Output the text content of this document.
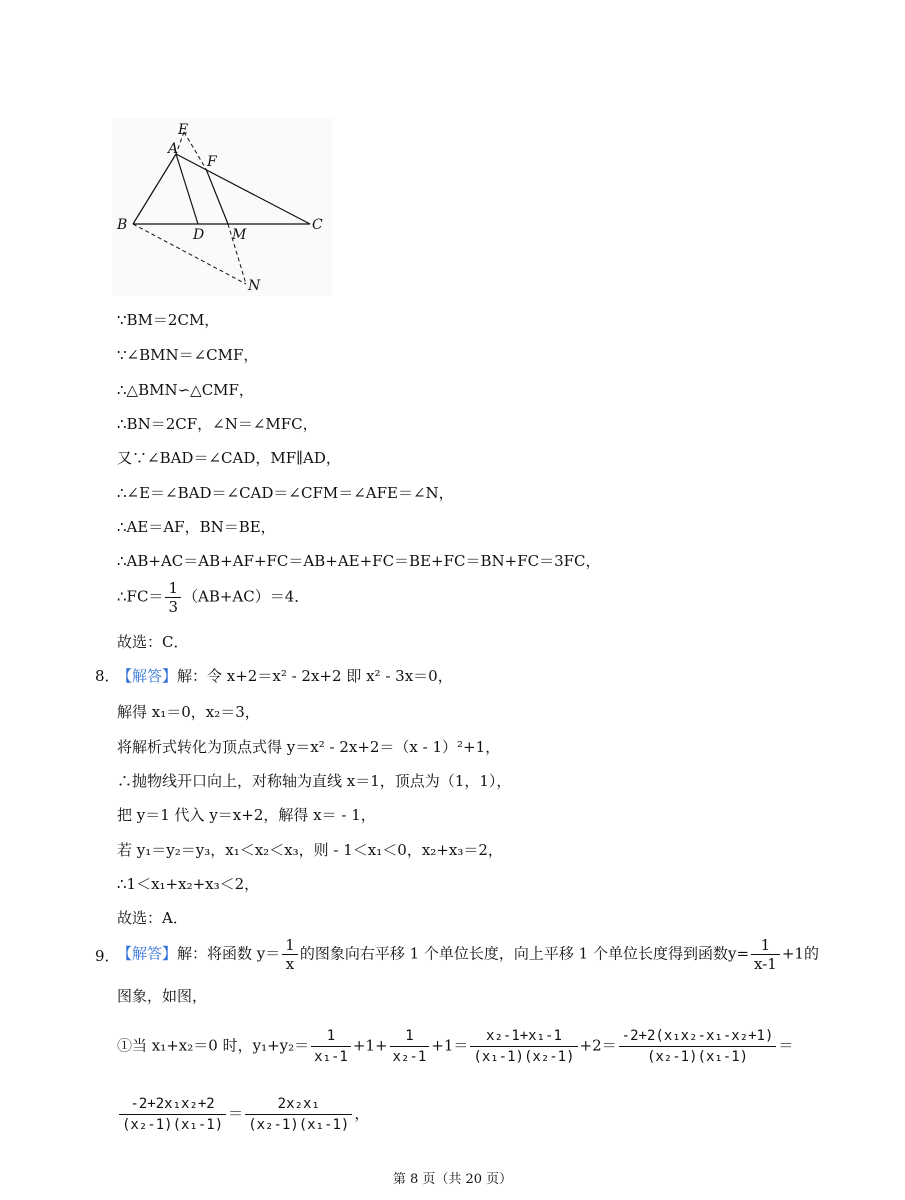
E
A
F
B
D M
C
N
∵BM＝2CM，
∵∠BMN＝∠CMF，
∴△BMN∽△CMF，
∴BN＝2CF，∠N＝∠MFC，
又∵∠BAD＝∠CAD，MF∥AD，
∴∠E＝∠BAD＝∠CAD＝∠CFM＝∠AFE＝∠N，
∴AE＝AF，BN＝BE，
∴AB+AC＝AB+AF+FC＝AB+AE+FC＝BE+FC＝BN+FC＝3FC，
∴FC＝ $\frac{1}{3} (AB+AC)=4$．
故选：C．
8．
【解答】解：令 x+2＝x² - 2x+2 即 x² - 3x＝0，
解得 x₁＝0，x₂＝3，
将解析式转化为顶点式得 y＝x² - 2x+2＝（x - 1）²+1，
∴抛物线开口向上，对称轴为直线 x＝1，顶点为（1，1），
把 y＝1 代入 y＝x+2，解得 x＝ - 1，
若 y₁＝y₂＝y₃，x₁＜x₂＜x₃，则 - 1＜x₁＜0，x₂+x₃＝2，
∴1＜x₁+x₂+x₃＜2，
故选：A．
9．
【解答】解：将函数 $y= \frac{1}{x}$ 的图象向右平移 1 个单位长度，向上平移 1 个单位长度得到函数$y= \frac{1}{x-1} +1$的
图象，如图，
①当 x₁+x₂＝0 时，$y_1+y_2= \frac{1}{\text{x₁-1}} +1+ \frac{1}{\text{x₂-1}} +1= \frac{\text{x₂-1+x₁-1}}{\text{(x₁-1)(x₂-1)}} +2= \frac{\text{-2+2(x₁x₂-x₁-x₂+1)}}{\text{(x₂-1)(x₁-1)}}$ ＝
$\frac{\text{-2+2x₁x₂+2}}{\text{(x₂-1)(x₁-1)}} = \frac{\text{2x₂x₁}}{\text{(x₂-1)(x₁-1)}}$ ，
第 8 页（共 20 页）
